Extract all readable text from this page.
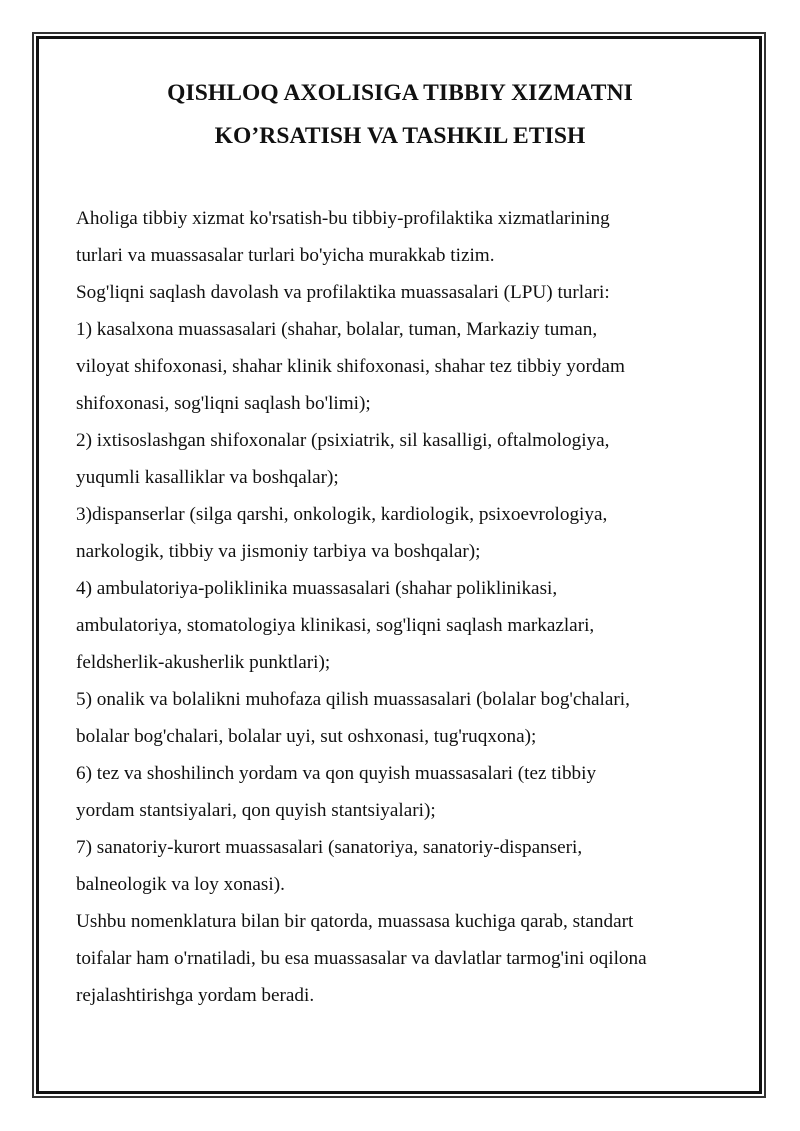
QISHLOQ AXOLISIGA TIBBIY XIZMATNI
KO’RSATISH VA TASHKIL ETISH
Aholiga tibbiy xizmat ko'rsatish-bu tibbiy-profilaktika xizmatlarining
turlari va muassasalar turlari bo'yicha murakkab tizim.
Sog'liqni saqlash davolash va profilaktika muassasalari (LPU) turlari:
1) kasalxona muassasalari (shahar, bolalar, tuman, Markaziy tuman,
viloyat shifoxonasi, shahar klinik shifoxonasi, shahar tez tibbiy yordam
shifoxonasi, sog'liqni saqlash bo'limi);
2) ixtisoslashgan shifoxonalar (psixiatrik, sil kasalligi, oftalmologiya,
yuqumli kasalliklar va boshqalar);
3)dispanserlar (silga qarshi, onkologik, kardiologik, psixoevrologiya,
narkologik, tibbiy va jismoniy tarbiya va boshqalar);
4) ambulatoriya-poliklinika muassasalari (shahar poliklinikasi,
ambulatoriya, stomatologiya klinikasi, sog'liqni saqlash markazlari,
feldsherlik-akusherlik punktlari);
5) onalik va bolalikni muhofaza qilish muassasalari (bolalar bog'chalari,
bolalar bog'chalari, bolalar uyi, sut oshxonasi, tug'ruqxona);
6) tez va shoshilinch yordam va qon quyish muassasalari (tez tibbiy
yordam stantsiyalari, qon quyish stantsiyalari);
7) sanatoriy-kurort muassasalari (sanatoriya, sanatoriy-dispanseri,
balneologik va loy xonasi).
Ushbu nomenklatura bilan bir qatorda, muassasa kuchiga qarab, standart
toifalar ham o'rnatiladi, bu esa muassasalar va davlatlar tarmog'ini oqilona
rejalashtirishga yordam beradi.
